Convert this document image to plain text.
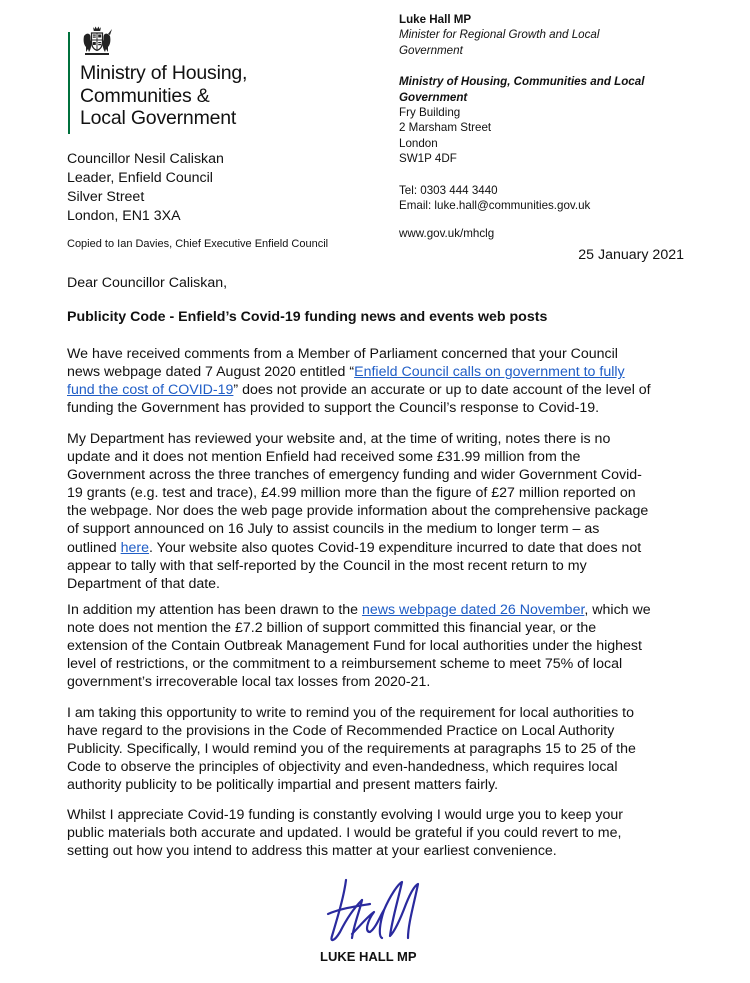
Ministry of Housing,
Communities &
Local Government
Luke Hall MP
Minister for Regional Growth and Local
Government
Ministry of Housing, Communities and Local
Government
Fry Building
2 Marsham Street
London
SW1P 4DF
Tel: 0303 444 3440
Email: luke.hall@communities.gov.uk
www.gov.uk/mhclg
Councillor Nesil Caliskan
Leader, Enfield Council
Silver Street
London, EN1 3XA
Copied to Ian Davies, Chief Executive Enfield Council
25 January 2021
Dear Councillor Caliskan,
Publicity Code - Enfield’s Covid-19 funding news and events web posts
We have received comments from a Member of Parliament concerned that your Council
news webpage dated 7 August 2020 entitled “Enfield Council calls on government to fully
fund the cost of COVID-19” does not provide an accurate or up to date account of the level of
funding the Government has provided to support the Council’s response to Covid-19.
My Department has reviewed your website and, at the time of writing, notes there is no
update and it does not mention Enfield had received some £31.99 million from the
Government across the three tranches of emergency funding and wider Government Covid-
19 grants (e.g. test and trace), £4.99 million more than the figure of £27 million reported on
the webpage. Nor does the web page provide information about the comprehensive package
of support announced on 16 July to assist councils in the medium to longer term – as
outlined here. Your website also quotes Covid-19 expenditure incurred to date that does not
appear to tally with that self-reported by the Council in the most recent return to my
Department of that date.
In addition my attention has been drawn to the news webpage dated 26 November, which we
note does not mention the £7.2 billion of support committed this financial year, or the
extension of the Contain Outbreak Management Fund for local authorities under the highest
level of restrictions, or the commitment to a reimbursement scheme to meet 75% of local
government’s irrecoverable local tax losses from 2020-21.
I am taking this opportunity to write to remind you of the requirement for local authorities to
have regard to the provisions in the Code of Recommended Practice on Local Authority
Publicity. Specifically, I would remind you of the requirements at paragraphs 15 to 25 of the
Code to observe the principles of objectivity and even-handedness, which requires local
authority publicity to be politically impartial and present matters fairly.
Whilst I appreciate Covid-19 funding is constantly evolving I would urge you to keep your
public materials both accurate and updated. I would be grateful if you could revert to me,
setting out how you intend to address this matter at your earliest convenience.
LUKE HALL MP
